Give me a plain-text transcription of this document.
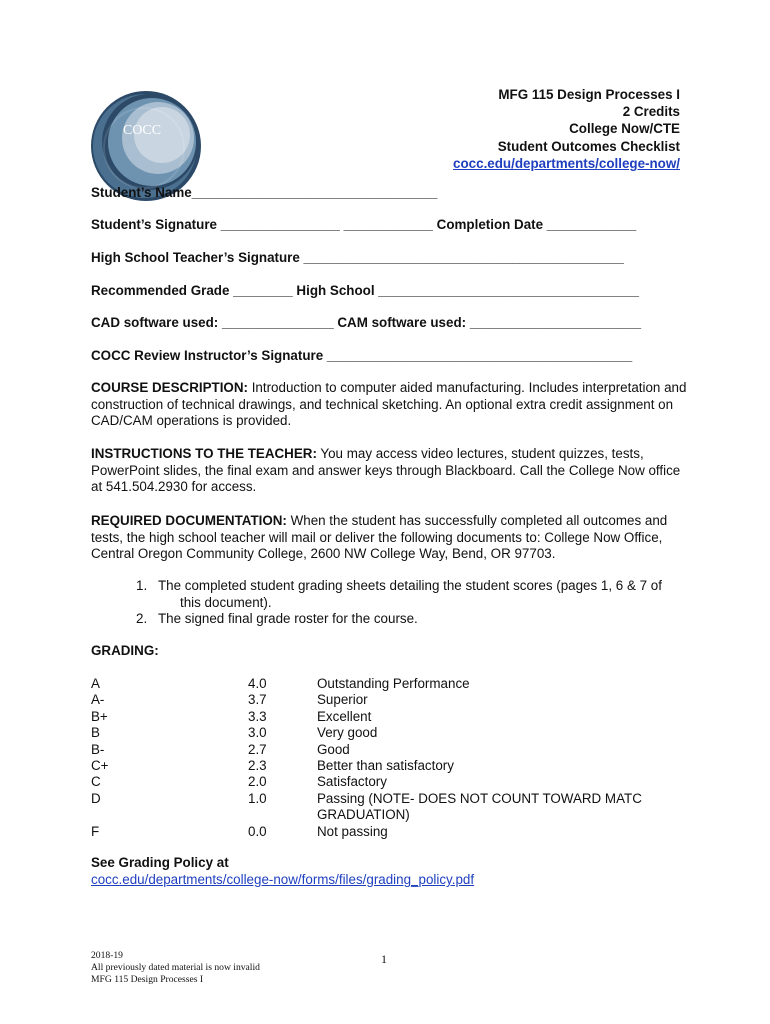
COCC
MFG 115 Design Processes I
2 Credits
College Now/CTE
Student Outcomes Checklist
cocc.edu/departments/college-now/
Student’s Name_________________________________
Student’s Signature ________________ ____________ Completion Date ____________
High School Teacher’s Signature ___________________________________________
Recommended Grade ________ High School ___________________________________
CAD software used: _______________ CAM software used: _______________________
COCC Review Instructor’s Signature _________________________________________
COURSE DESCRIPTION: Introduction to computer aided manufacturing. Includes interpretation and construction of technical drawings, and technical sketching. An optional extra credit assignment on CAD/CAM operations is provided.
INSTRUCTIONS TO THE TEACHER: You may access video lectures, student quizzes, tests, PowerPoint slides, the final exam and answer keys through Blackboard. Call the College Now office at 541.504.2930 for access.
REQUIRED DOCUMENTATION: When the student has successfully completed all outcomes and tests, the high school teacher will mail or deliver the following documents to: College Now Office, Central Oregon Community College, 2600 NW College Way, Bend, OR 97703.
1. The completed student grading sheets detailing the student scores (pages 1, 6 & 7 of
this document).
2. The signed final grade roster for the course.
GRADING:
A	4.0	Outstanding Performance
A-	3.7	Superior
B+	3.3	Excellent
B	3.0	Very good
B-	2.7	Good
C+	2.3	Better than satisfactory
C	2.0	Satisfactory
D	1.0	Passing (NOTE- DOES NOT COUNT TOWARD MATC GRADUATION)
F	0.0	Not passing
See Grading Policy at
cocc.edu/departments/college-now/forms/files/grading_policy.pdf
2018-19
All previously dated material is now invalid
MFG 115 Design Processes I
1
